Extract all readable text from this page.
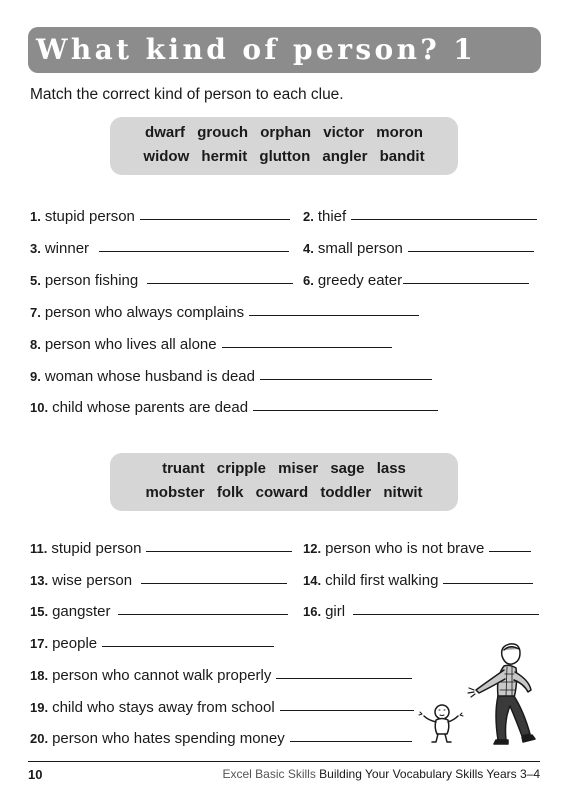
What kind of person? 1
Match the correct kind of person to each clue.
dwarf grouch orphan victor moron
widow hermit glutton angler bandit
1. stupid person	2. thief
3. winner	4. small person
5. person fishing	6. greedy eater
7. person who always complains
8. person who lives all alone
9. woman whose husband is dead
10. child whose parents are dead
truant cripple miser sage lass
mobster folk coward toddler nitwit
11. stupid person	12. person who is not brave
13. wise person	14. child first walking
15. gangster	16. girl
17. people
18. person who cannot walk properly
19. child who stays away from school
20. person who hates spending money
10	Excel Basic Skills Building Your Vocabulary Skills Years 3–4
